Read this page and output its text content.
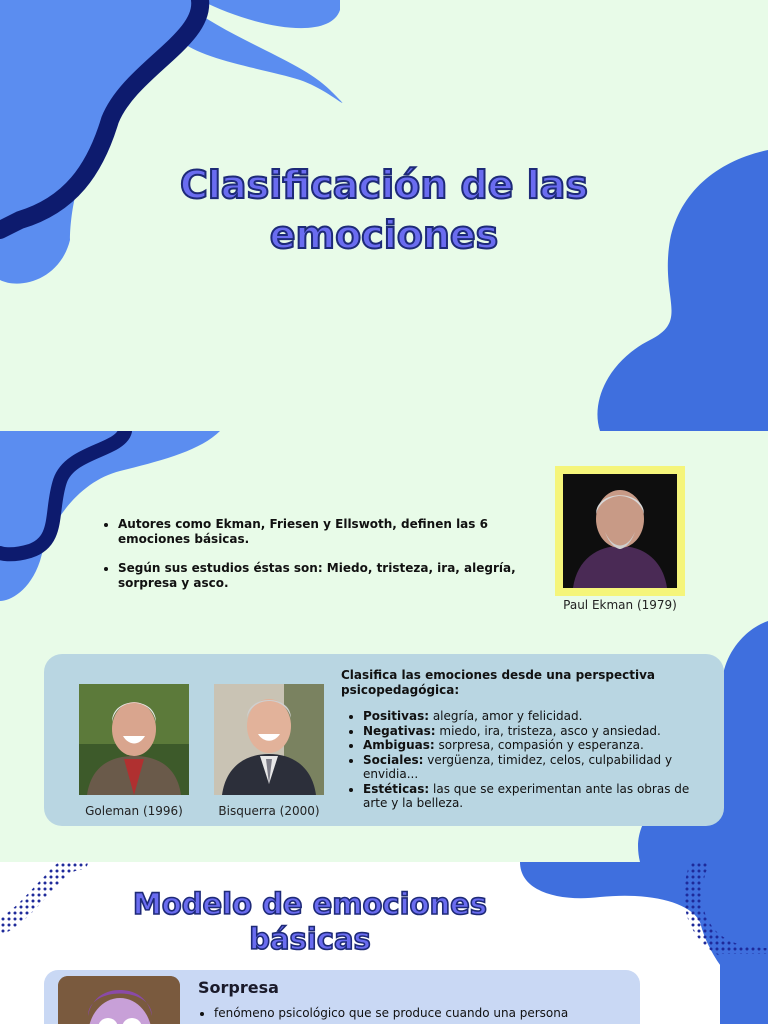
Clasificación de las emociones
• Autores como Ekman, Friesen y Ellswoth, definen las 6 emociones básicas.
• Según sus estudios éstas son: Miedo, tristeza, ira, alegría, sorpresa y asco.
Paul Ekman (1979)
Goleman (1996)	Bisquerra (2000)
Clasifica las emociones desde una perspectiva psicopedagógica:
• Positivas: alegría, amor y felicidad.
• Negativas: miedo, ira, tristeza, asco y ansiedad.
• Ambiguas: sorpresa, compasión y esperanza.
• Sociales: vergüenza, timidez, celos, culpabilidad y envidia...
• Estéticas: las que se experimentan ante las obras de arte y la belleza.
Modelo de emociones básicas
Sorpresa
• fenómeno psicológico que se produce cuando una persona
